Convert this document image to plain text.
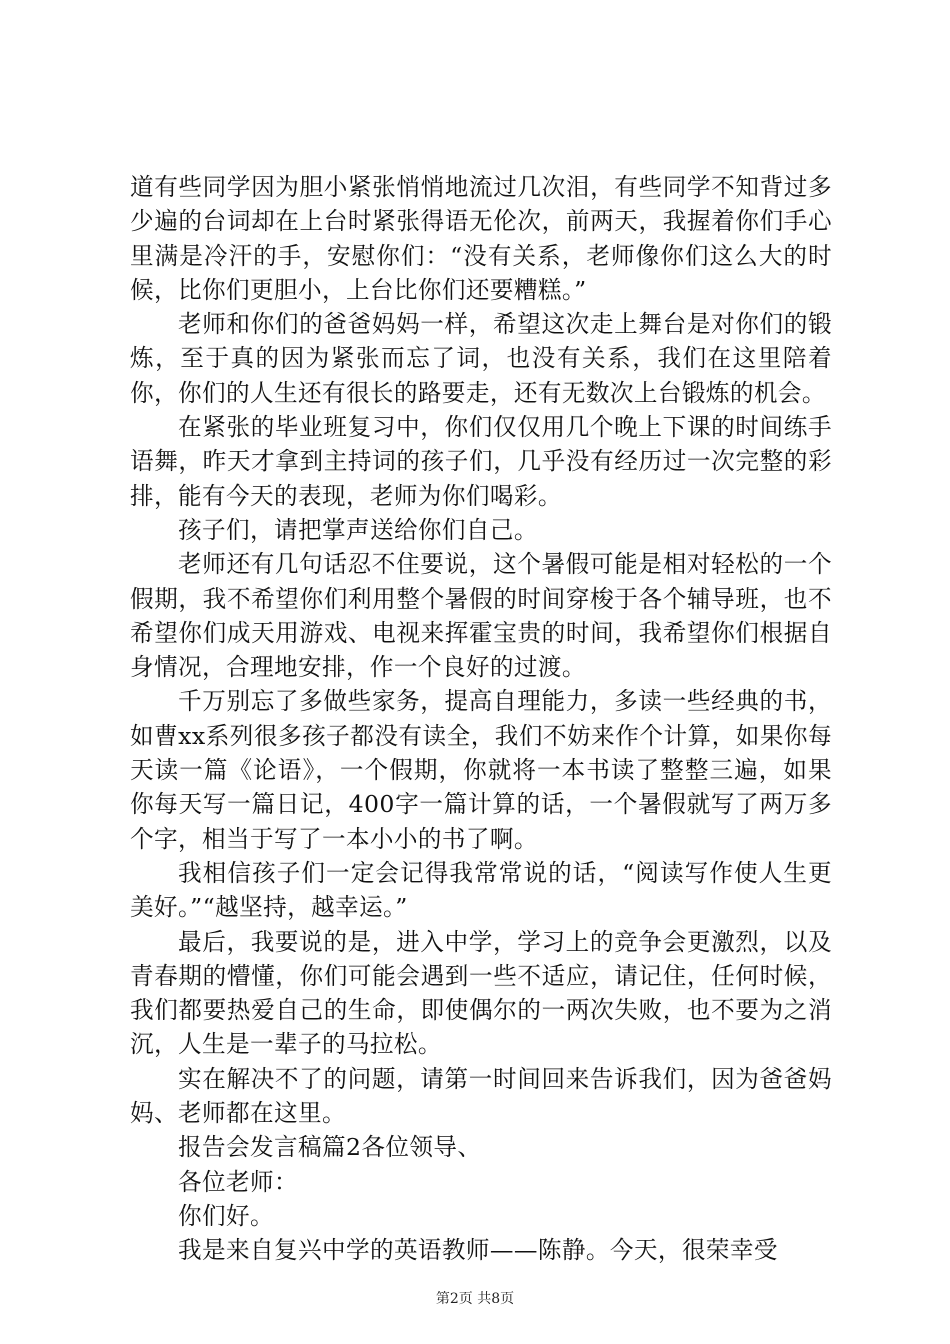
道有些同学因为胆小紧张悄悄地流过几次泪，有些同学不知背过多少遍的台词却在上台时紧张得语无伦次，前两天，我握着你们手心里满是冷汗的手，安慰你们：“没有关系，老师像你们这么大的时候，比你们更胆小，上台比你们还要糟糕。”

老师和你们的爸爸妈妈一样，希望这次走上舞台是对你们的锻炼，至于真的因为紧张而忘了词，也没有关系，我们在这里陪着你，你们的人生还有很长的路要走，还有无数次上台锻炼的机会。

在紧张的毕业班复习中，你们仅仅用几个晚上下课的时间练手语舞，昨天才拿到主持词的孩子们，几乎没有经历过一次完整的彩排，能有今天的表现，老师为你们喝彩。

孩子们，请把掌声送给你们自己。

老师还有几句话忍不住要说，这个暑假可能是相对轻松的一个假期，我不希望你们利用整个暑假的时间穿梭于各个辅导班，也不希望你们成天用游戏、电视来挥霍宝贵的时间，我希望你们根据自身情况，合理地安排，作一个良好的过渡。

千万别忘了多做些家务，提高自理能力，多读一些经典的书，如曹xx系列很多孩子都没有读全，我们不妨来作个计算，如果你每天读一篇《论语》，一个假期，你就将一本书读了整整三遍，如果你每天写一篇日记，400字一篇计算的话，一个暑假就写了两万多个字，相当于写了一本小小的书了啊。

我相信孩子们一定会记得我常常说的话，“阅读写作使人生更美好。”“越坚持，越幸运。”

最后，我要说的是，进入中学，学习上的竞争会更激烈，以及青春期的懵懂，你们可能会遇到一些不适应，请记住，任何时候，我们都要热爱自己的生命，即使偶尔的一两次失败，也不要为之消沉，人生是一辈子的马拉松。

实在解决不了的问题，请第一时间回来告诉我们，因为爸爸妈妈、老师都在这里。

报告会发言稿篇2各位领导、

各位老师：

你们好。

我是来自复兴中学的英语教师——陈静。今天，很荣幸受

第2页 共8页
